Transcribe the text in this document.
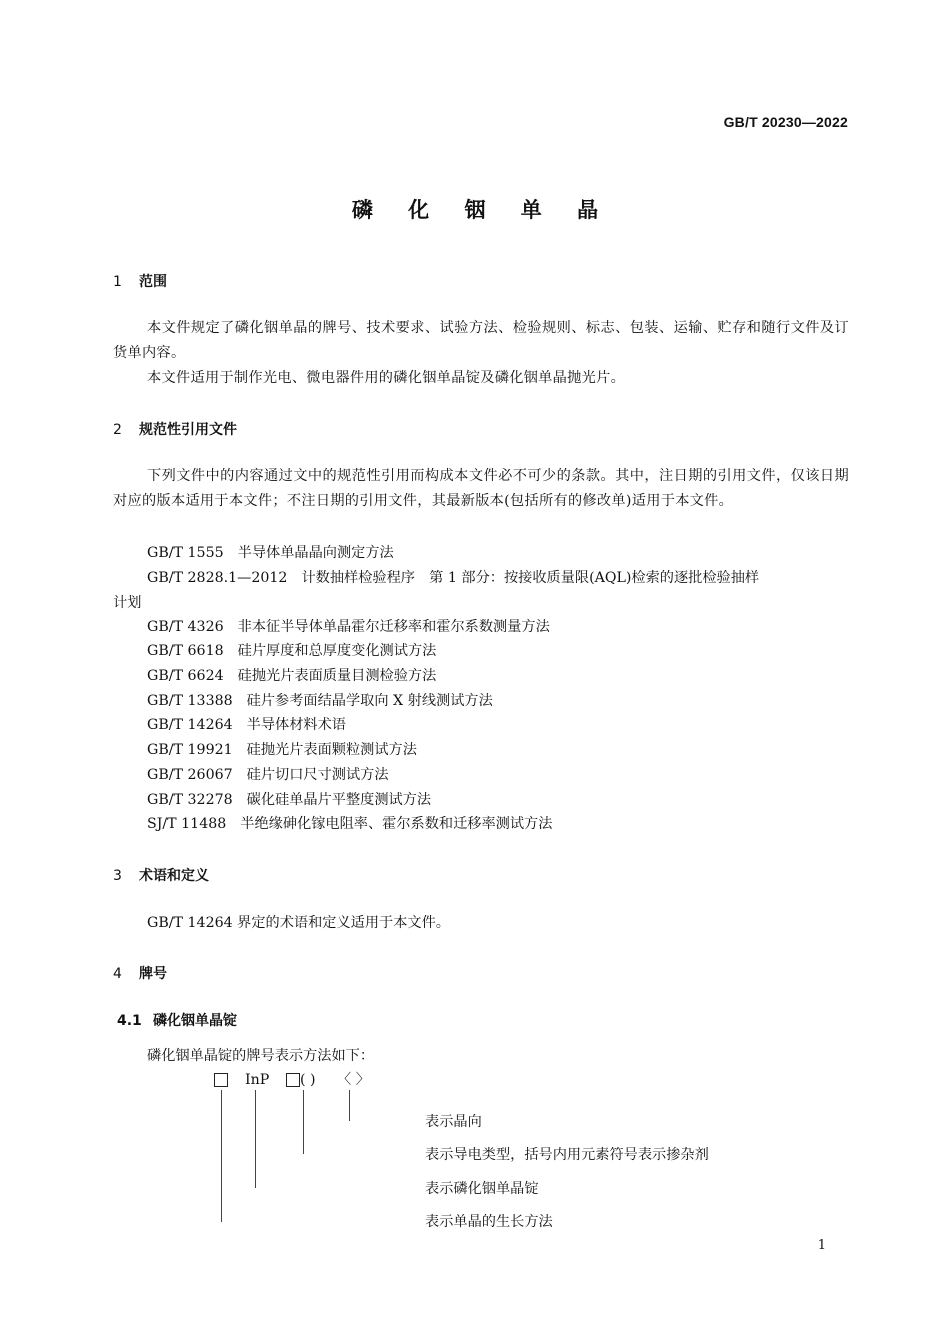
GB/T 20230—2022
磷 化 铟 单 晶
1 范围
本文件规定了磷化铟单晶的牌号、技术要求、试验方法、检验规则、标志、包装、运输、贮存和随行文件及订货单内容。
本文件适用于制作光电、微电器件用的磷化铟单晶锭及磷化铟单晶抛光片。
2 规范性引用文件
下列文件中的内容通过文中的规范性引用而构成本文件必不可少的条款。其中，注日期的引用文件，仅该日期对应的版本适用于本文件；不注日期的引用文件，其最新版本(包括所有的修改单)适用于本文件。
GB/T 1555 半导体单晶晶向测定方法
GB/T 2828.1—2012 计数抽样检验程序　第 1 部分：按接收质量限(AQL)检索的逐批检验抽样
计划
GB/T 4326 非本征半导体单晶霍尔迁移率和霍尔系数测量方法
GB/T 6618 硅片厚度和总厚度变化测试方法
GB/T 6624 硅抛光片表面质量目测检验方法
GB/T 13388 硅片参考面结晶学取向 X 射线测试方法
GB/T 14264 半导体材料术语
GB/T 19921 硅抛光片表面颗粒测试方法
GB/T 26067 硅片切口尺寸测试方法
GB/T 32278 碳化硅单晶片平整度测试方法
SJ/T 11488 半绝缘砷化镓电阻率、霍尔系数和迁移率测试方法
3 术语和定义
GB/T 14264 界定的术语和定义适用于本文件。
4 牌号
4.1 磷化铟单晶锭
磷化铟单晶锭的牌号表示方法如下：
InP ( ) 〈 〉
表示晶向
表示导电类型，括号内用元素符号表示掺杂剂
表示磷化铟单晶锭
表示单晶的生长方法
1
